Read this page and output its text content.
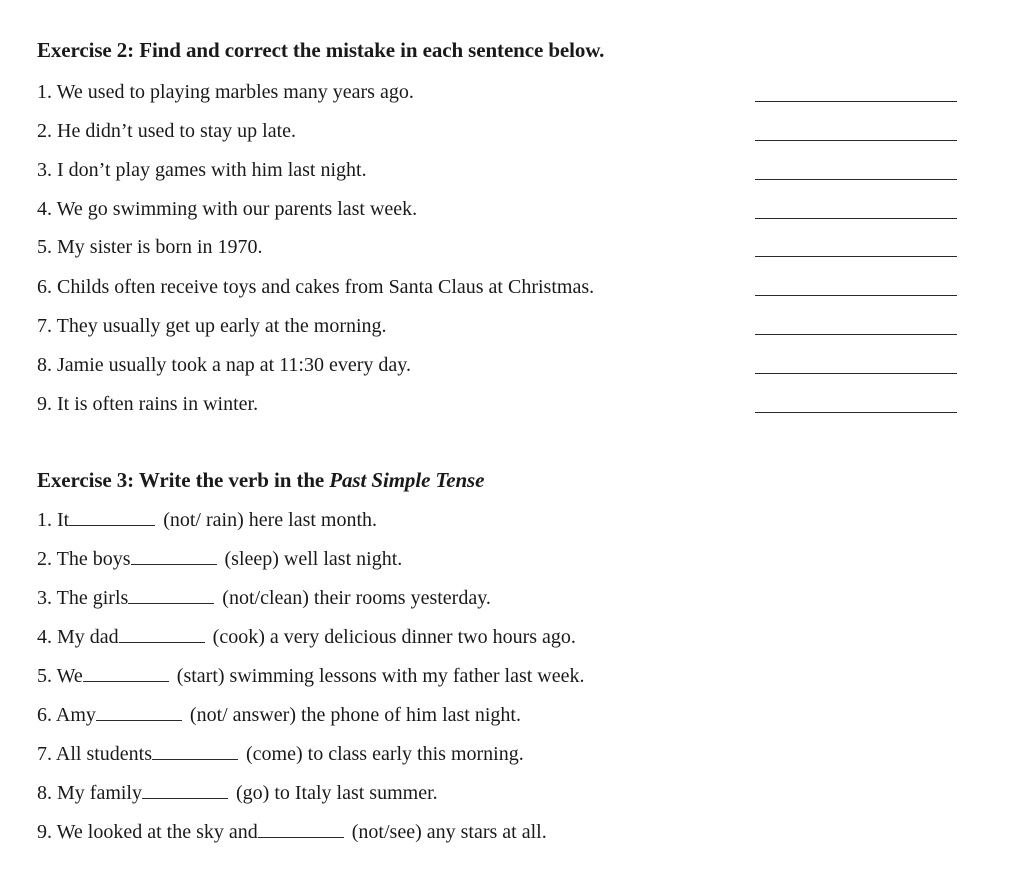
Exercise 2: Find and correct the mistake in each sentence below.
1. We used to playing marbles many years ago.
2. He didn’t used to stay up late.
3. I don’t play games with him last night.
4. We go swimming with our parents last week.
5. My sister is born in 1970.
6. Childs often receive toys and cakes from Santa Claus at Christmas.
7. They usually get up early at the morning.
8. Jamie usually took a nap at 11:30 every day.
9. It is often rains in winter.
Exercise 3: Write the verb in the Past Simple Tense
1. It	(not/ rain) here last month.
2. The boys	(sleep) well last night.
3. The girls	(not/clean) their rooms yesterday.
4. My dad	(cook) a very delicious dinner two hours ago.
5. We	(start) swimming lessons with my father last week.
6. Amy	(not/ answer) the phone of him last night.
7. All students	(come) to class early this morning.
8. My family	(go) to Italy last summer.
9. We looked at the sky and	(not/see) any stars at all.
